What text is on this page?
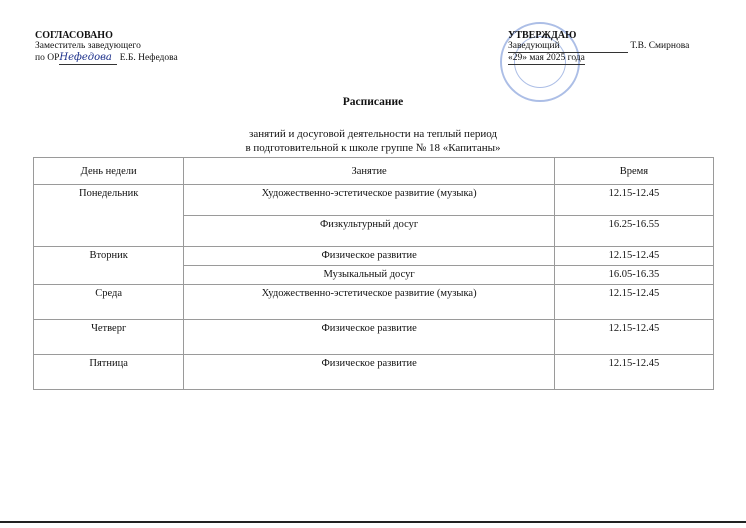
СОГЛАСОВАНО
Заместитель заведующего
по ОРНефедова Е.Б. Нефедова
УТВЕРЖДАЮ
Заведующий	Т.В. Смирнова
«29» мая 2025 года
Расписание
занятий и досуговой деятельности на теплый период
в подготовительной к школе группе № 18 «Капитаны»
День недели	Занятие	Время
Понедельник	Художественно-эстетическое развитие (музыка)	12.15-12.45
	Физкультурный досуг	16.25-16.55
Вторник	Физическое развитие	12.15-12.45
	Музыкальный досуг	16.05-16.35
Среда	Художественно-эстетическое развитие (музыка)	12.15-12.45
Четверг	Физическое развитие	12.15-12.45
Пятница	Физическое развитие	12.15-12.45
